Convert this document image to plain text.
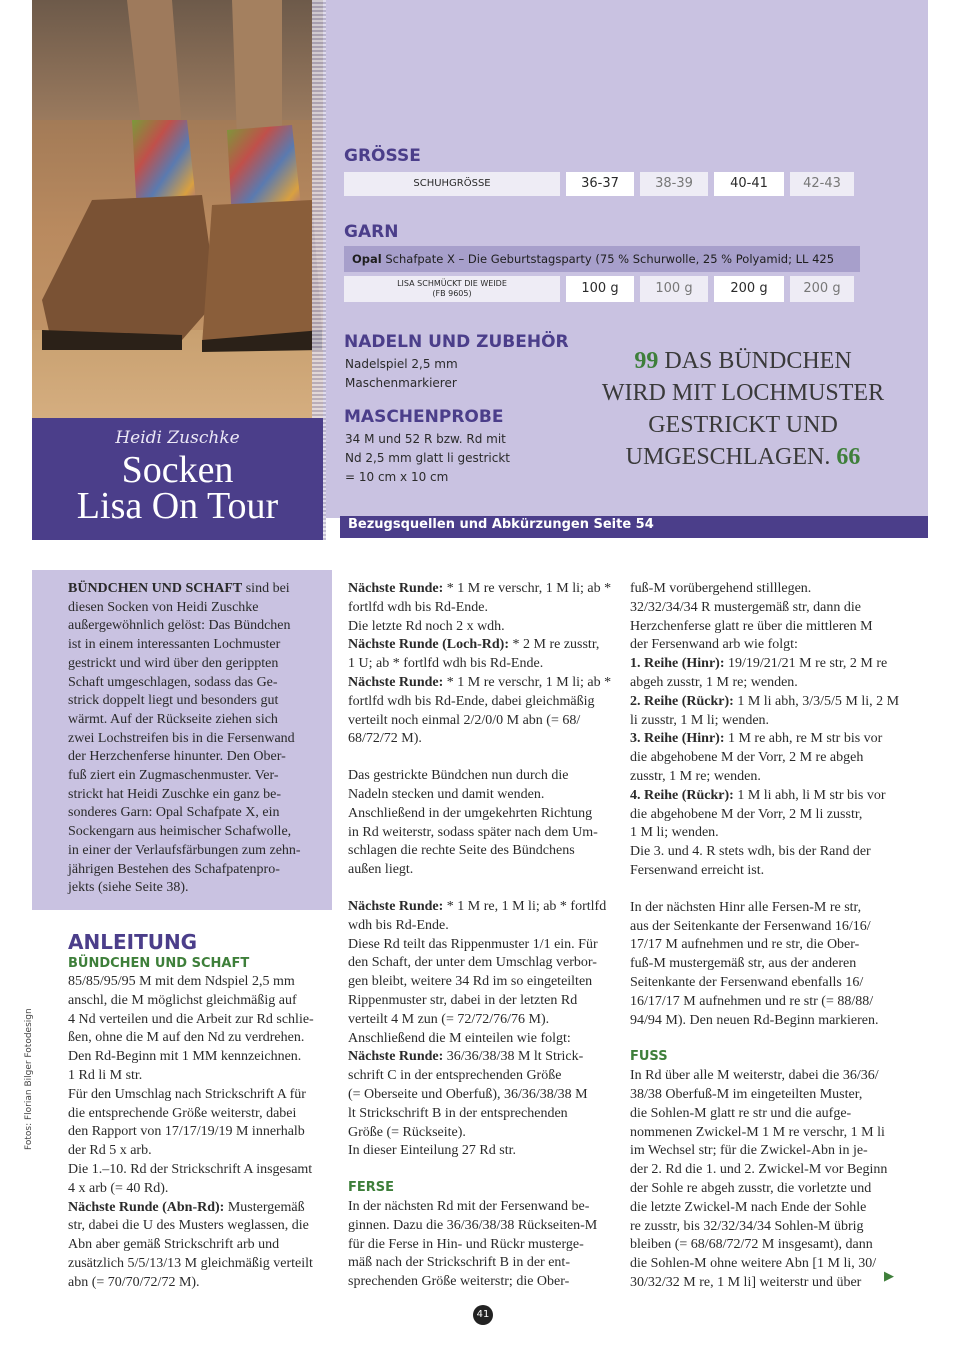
Heidi Zuschke
Socken
Lisa On Tour
GRÖSSE
SCHUHGRÖSSE	36-37	38-39	40-41	42-43
GARN
Opal Schafpate X – Die Geburtstagsparty (75 % Schurwolle, 25 % Polyamid; LL 425
LISA SCHMÜCKT DIE WEIDE
(FB 9605)	100 g	100 g	200 g	200 g
NADELN UND ZUBEHÖR
Nadelspiel 2,5 mm
Maschenmarkierer
MASCHENPROBE
34 M und 52 R bzw. Rd mit
Nd 2,5 mm glatt li gestrickt
= 10 cm x 10 cm
99 DAS BÜNDCHEN
WIRD MIT LOCHMUSTER
GESTRICKT UND
UMGESCHLAGEN. 66
Bezugsquellen und Abkürzungen Seite 54
BÜNDCHEN UND SCHAFT sind bei
diesen Socken von Heidi Zuschke
außergewöhnlich gelöst: Das Bündchen
ist in einem interessanten Lochmuster
gestrickt und wird über den gerippten
Schaft umgeschlagen, sodass das Ge-
strick doppelt liegt und besonders gut
wärmt. Auf der Rückseite ziehen sich
zwei Lochstreifen bis in die Fersenwand
der Herzchenferse hinunter. Den Ober-
fuß ziert ein Zugmaschenmuster. Ver-
strickt hat Heidi Zuschke ein ganz be-
sonderes Garn: Opal Schafpate X, ein
Sockengarn aus heimischer Schafwolle,
in einer der Verlaufsfärbungen zum zehn-
jährigen Bestehen des Schafpatenpro-
jekts (siehe Seite 38).
ANLEITUNG
BÜNDCHEN UND SCHAFT

85/85/95/95 M mit dem Ndspiel 2,5 mm

anschl, die M möglichst gleichmäßig auf

4 Nd verteilen und die Arbeit zur Rd schlie-

ßen, ohne die M auf den Nd zu verdrehen.

Den Rd-Beginn mit 1 MM kennzeichnen.

1 Rd li M str.

Für den Umschlag nach Strickschrift A für

die entsprechende Größe weiterstr, dabei

den Rapport von 17/17/19/19 M innerhalb

der Rd 5 x arb.

Die 1.–10. Rd der Strickschrift A insgesamt

4 x arb (= 40 Rd).

Nächste Runde (Abn-Rd): Mustergemäß

str, dabei die U des Musters weglassen, die

Abn aber gemäß Strickschrift arb und

zusätzlich 5/5/13/13 M gleichmäßig verteilt

abn (= 70/70/72/72 M).

Nächste Runde: * 1 M re verschr, 1 M li; ab *

fortlfd wdh bis Rd-Ende.

Die letzte Rd noch 2 x wdh.

Nächste Runde (Loch-Rd): * 2 M re zusstr,

1 U; ab * fortlfd wdh bis Rd-Ende.

Nächste Runde: * 1 M re verschr, 1 M li; ab *

fortlfd wdh bis Rd-Ende, dabei gleichmäßig

verteilt noch einmal 2/2/0/0 M abn (= 68/

68/72/72 M).

Das gestrickte Bündchen nun durch die

Nadeln stecken und damit wenden.

Anschließend in der umgekehrten Richtung

in Rd weiterstr, sodass später nach dem Um-

schlagen die rechte Seite des Bündchens

außen liegt.

Nächste Runde: * 1 M re, 1 M li; ab * fortlfd

wdh bis Rd-Ende.

Diese Rd teilt das Rippenmuster 1/1 ein. Für

den Schaft, der unter dem Umschlag verbor-

gen bleibt, weitere 34 Rd im so eingeteilten

Rippenmuster str, dabei in der letzten Rd

verteilt 4 M zun (= 72/72/76/76 M).

Anschließend die M einteilen wie folgt:

Nächste Runde: 36/36/38/38 M lt Strick-

schrift C in der entsprechenden Größe

(= Oberseite und Oberfuß), 36/36/38/38 M

lt Strickschrift B in der entsprechenden

Größe (= Rückseite).

In dieser Einteilung 27 Rd str.

FERSE

In der nächsten Rd mit der Fersenwand be-

ginnen. Dazu die 36/36/38/38 Rückseiten-M

für die Ferse in Hin- und Rückr musterge-

mäß nach der Strickschrift B in der ent-

sprechenden Größe weiterstr; die Ober-

fuß-M vorübergehend stilllegen.

32/32/34/34 R mustergemäß str, dann die

Herzchenferse glatt re über die mittleren M

der Fersenwand arb wie folgt:

1. Reihe (Hinr): 19/19/21/21 M re str, 2 M re

abgeh zusstr, 1 M re; wenden.

2. Reihe (Rückr): 1 M li abh, 3/3/5/5 M li, 2 M

li zusstr, 1 M li; wenden.

3. Reihe (Hinr): 1 M re abh, re M str bis vor

die abgehobene M der Vorr, 2 M re abgeh

zusstr, 1 M re; wenden.

4. Reihe (Rückr): 1 M li abh, li M str bis vor

die abgehobene M der Vorr, 2 M li zusstr,

1 M li; wenden.

Die 3. und 4. R stets wdh, bis der Rand der

Fersenwand erreicht ist.

In der nächsten Hinr alle Fersen-M re str,

aus der Seitenkante der Fersenwand 16/16/

17/17 M aufnehmen und re str, die Ober-

fuß-M mustergemäß str, aus der anderen

Seitenkante der Fersenwand ebenfalls 16/

16/17/17 M aufnehmen und re str (= 88/88/

94/94 M). Den neuen Rd-Beginn markieren.

FUSS

In Rd über alle M weiterstr, dabei die 36/36/

38/38 Oberfuß-M im eingeteilten Muster,

die Sohlen-M glatt re str und die aufge-

nommenen Zwickel-M 1 M re verschr, 1 M li

im Wechsel str; für die Zwickel-Abn in je-

der 2. Rd die 1. und 2. Zwickel-M vor Beginn

der Sohle re abgeh zusstr, die vorletzte und

die letzte Zwickel-M nach Ende der Sohle

re zusstr, bis 32/32/34/34 Sohlen-M übrig

bleiben (= 68/68/72/72 M insgesamt), dann

die Sohlen-M ohne weitere Abn [1 M li, 30/

30/32/32 M re, 1 M li] weiterstr und über	▶
Fotos: Florian Bilger Fotodesign
41
